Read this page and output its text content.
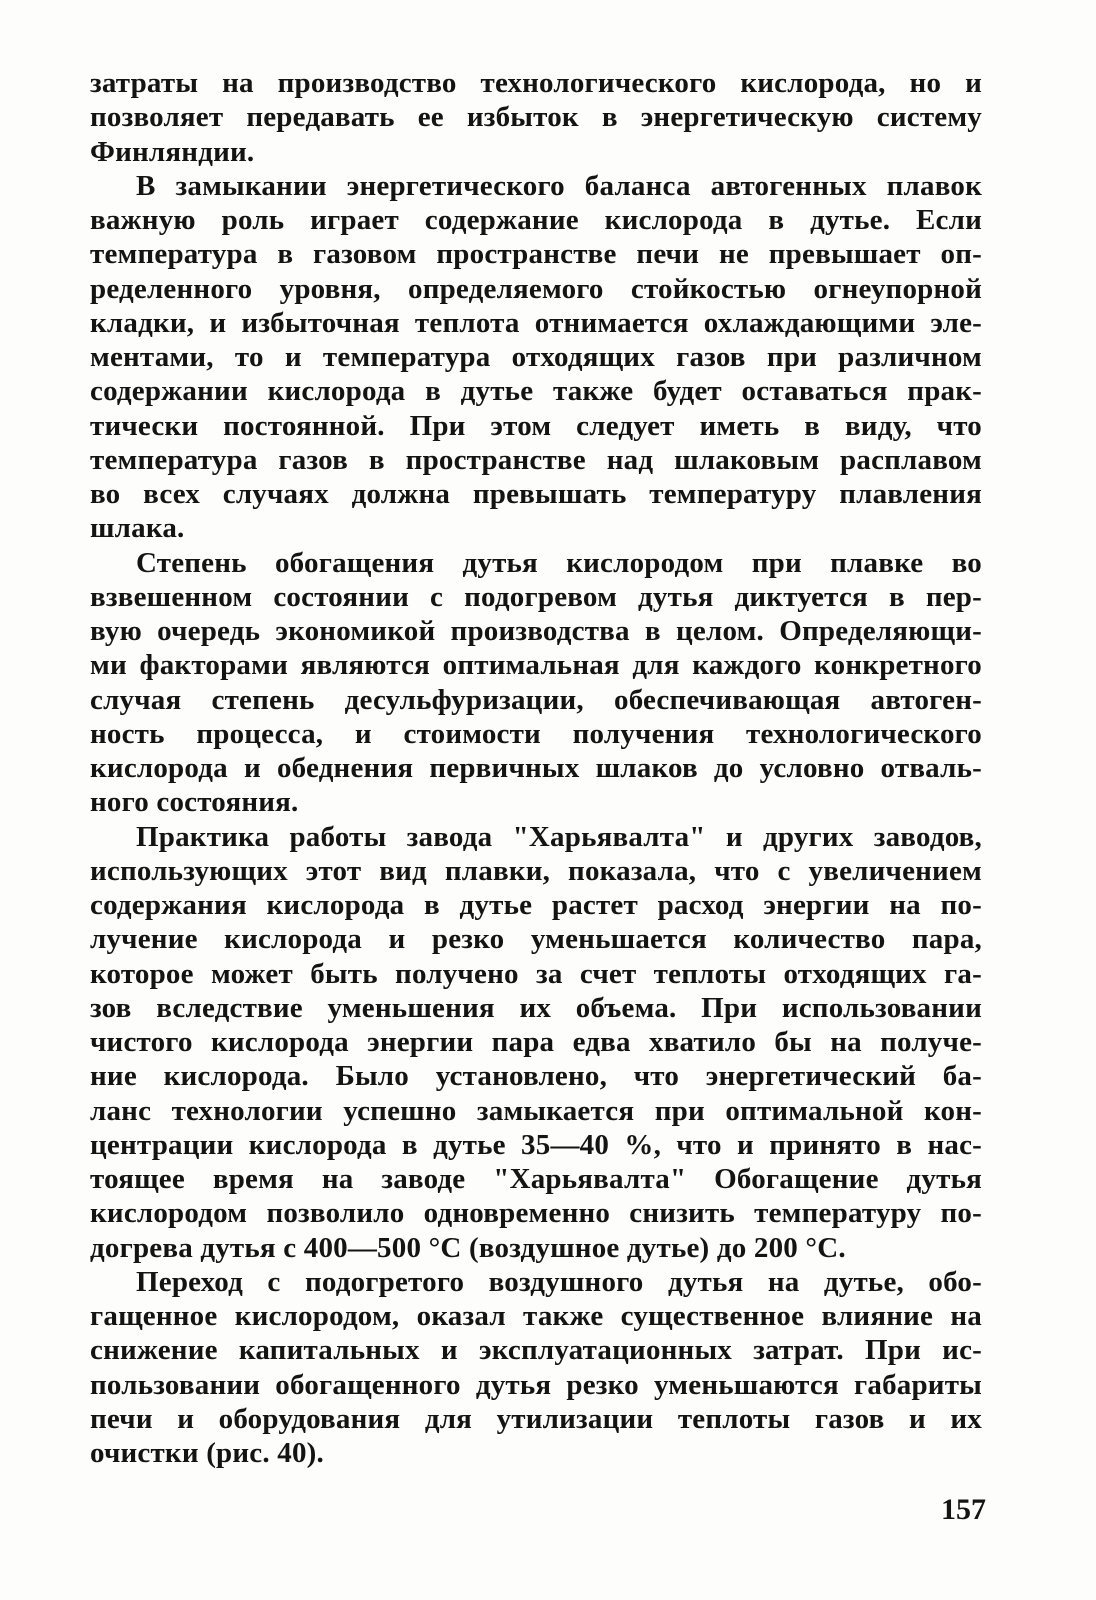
затраты на производство технологического кислорода, но и
позволяет передавать ее избыток в энергетическую систему
Финляндии.
В замыкании энергетического баланса автогенных плавок
важную роль играет содержание кислорода в дутье. Если
температура в газовом пространстве печи не превышает оп-
ределенного уровня, определяемого стойкостью огнеупорной
кладки, и избыточная теплота отнимается охлаждающими эле-
ментами, то и температура отходящих газов при различном
содержании кислорода в дутье также будет оставаться прак-
тически постоянной. При этом следует иметь в виду, что
температура газов в пространстве над шлаковым расплавом
во всех случаях должна превышать температуру плавления
шлака.
Степень обогащения дутья кислородом при плавке во
взвешенном состоянии с подогревом дутья диктуется в пер-
вую очередь экономикой производства в целом. Определяющи-
ми факторами являются оптимальная для каждого конкретного
случая степень десульфуризации, обеспечивающая автоген-
ность процесса, и стоимости получения технологического
кислорода и обеднения первичных шлаков до условно отваль-
ного состояния.
Практика работы завода "Харьявалта" и других заводов,
использующих этот вид плавки, показала, что с увеличением
содержания кислорода в дутье растет расход энергии на по-
лучение кислорода и резко уменьшается количество пара,
которое может быть получено за счет теплоты отходящих га-
зов вследствие уменьшения их объема. При использовании
чистого кислорода энергии пара едва хватило бы на получе-
ние кислорода. Было установлено, что энергетический ба-
ланс технологии успешно замыкается при оптимальной кон-
центрации кислорода в дутье 35—40 %, что и принято в нас-
тоящее время на заводе "Харьявалта" Обогащение дутья
кислородом позволило одновременно снизить температуру по-
догрева дутья с 400—500 °С (воздушное дутье) до 200 °С.
Переход с подогретого воздушного дутья на дутье, обо-
гащенное кислородом, оказал также существенное влияние на
снижение капитальных и эксплуатационных затрат. При ис-
пользовании обогащенного дутья резко уменьшаются габариты
печи и оборудования для утилизации теплоты газов и их
очистки (рис. 40).
157
